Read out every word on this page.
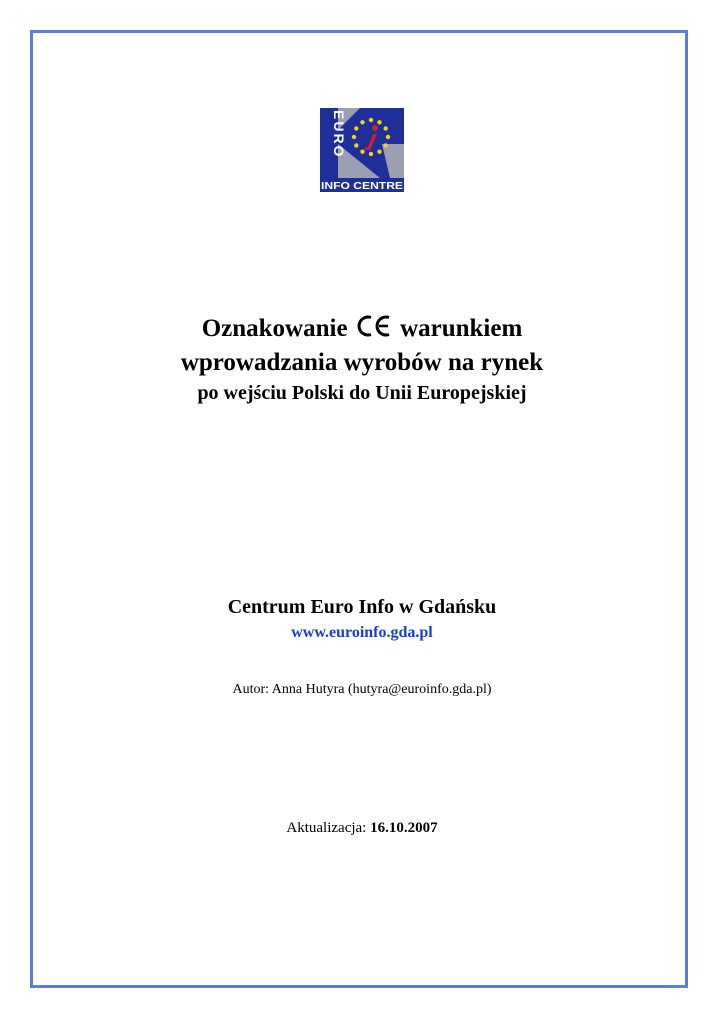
EURO
INFO CENTRE
Oznakowanie warunkiem
wprowadzania wyrobów na rynek
po wejściu Polski do Unii Europejskiej
Centrum Euro Info w Gdańsku
www.euroinfo.gda.pl
Autor: Anna Hutyra (hutyra@euroinfo.gda.pl)
Aktualizacja: 16.10.2007
